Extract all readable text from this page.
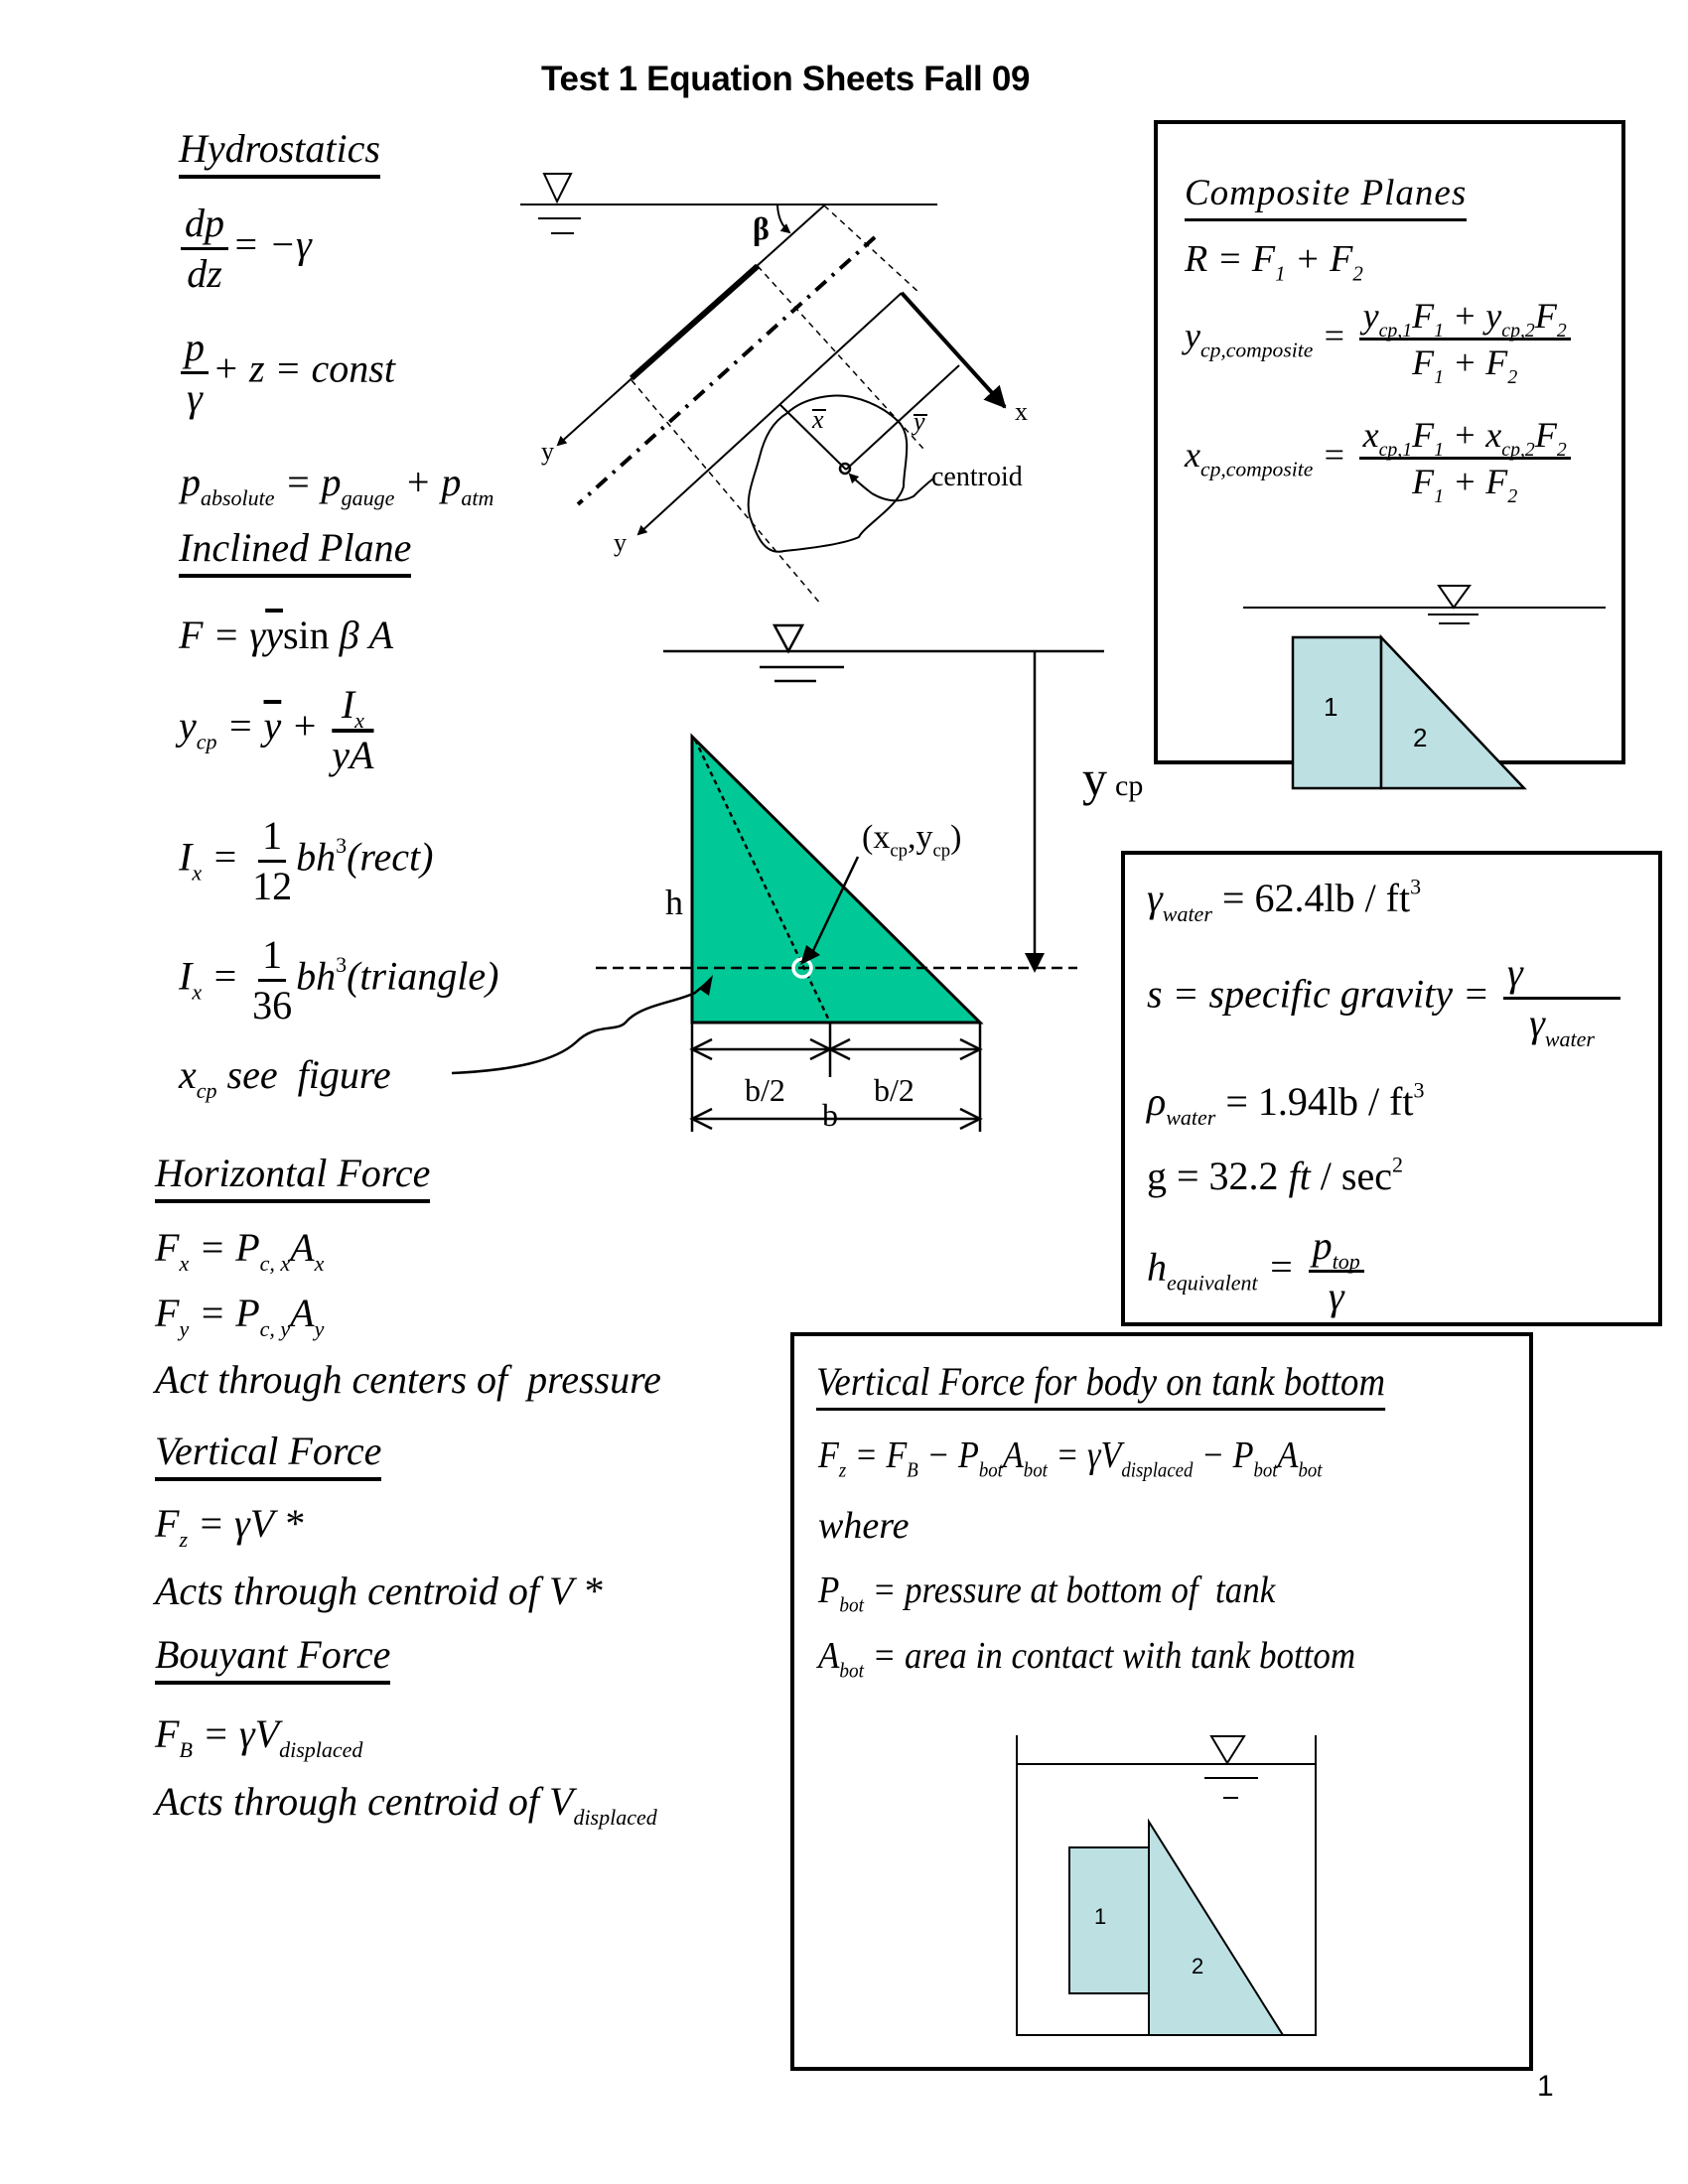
Test 1 Equation Sheets Fall 09
Hydrostatics
$\frac{dp}{dz} = -\gamma$
$\frac{p}{\gamma} + z$ = const
$p_{absolute} = p_{gauge} + p_{atm}$
Inclined Plane
$F = \gamma\overline{y}\sin$ β A
$y_{cp} = \overline{y} + \frac{I_x}{yA}$
$I_x = \frac{1}{12}$ $bh^3(rect)$
$I_x = \frac{1}{36}$ $bh^3(triangle)$
$x_{cp}$ see  figure
Horizontal Force
$F_x = P_{c, x}A_x$
$F_y = P_{c, y}A_y$
Act through centers of  pressure
Vertical Force
$F_z = \gamma V$ *
Acts through centroid of V *
Bouyant Force
$F_B = \gamma V_{displaced}$
Acts through centroid of $V_{displaced}$
β
x
y
y
x	y
centroid
h
$(x_{cp},y_{cp})$
b/2	b/2
b
ycp
Composite Planes
$R = F_1 + F_2$
$y_{cp,composite} = \frac{y_{cp,1}F_1 + y_{cp,2}F_2}{F_1 + F_2}$
$x_{cp,composite} = \frac{x_{cp,1}F_1 + x_{cp,2}F_2}{F_1 + F_2}$
1
2
$\gamma_{water} = 62.4lb / ft^3$
s = specific gravity = $\frac{\gamma}{\gamma_{water}}$
$\rho_{water} = 1.94lb / ft^3$
g = 32.2 ft / $\sec^2$
$h_{equivalent} = \frac{p_{top}}{\gamma}$
Vertical Force for body on tank bottom
$F_z = F_B - P_{bot}A_{bot} = \gamma V_{displaced} - P_{bot}A_{bot}$
where
$P_{bot}$ = pressure at bottom of  tank
$A_{bot}$ = area in contact with tank bottom
1
2
1
